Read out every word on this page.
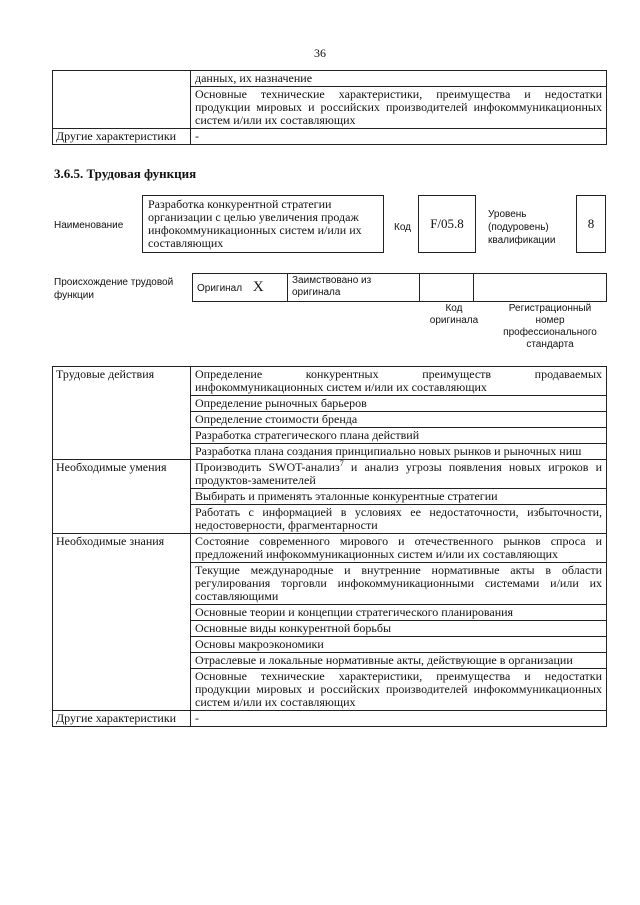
36
	данных, их назначение
	Основные технические характеристики, преимущества и недостатки продукции мировых и российских производителей инфокоммуникационных систем и/или их составляющих
Другие характеристики	-
3.6.5. Трудовая функция
Наименование
Разработка конкурентной стратегии организации с целью увеличения продаж инфокоммуникационных систем и/или их составляющих
Код	F/05.8
Уровень
(подуровень)
квалификации
8
Происхождение трудовой
функции
Оригинал X	Заимствовано из
оригинала

Код
оригинала
Регистрационный
номер
профессионального
стандарта
Трудовые действия	Определение конкурентных преимуществ продаваемых инфокоммуникационных систем и/или их составляющих
	Определение рыночных барьеров
	Определение стоимости бренда
	Разработка стратегического плана действий
	Разработка плана создания принципиально новых рынков и рыночных ниш
Необходимые умения	Производить SWOT-анализ$^7$ и анализ угрозы появления новых игроков и продуктов-заменителей
	Выбирать и применять эталонные конкурентные стратегии
	Работать с информацией в условиях ее недостаточности, избыточности, недостоверности, фрагментарности
Необходимые знания	Состояние современного мирового и отечественного рынков спроса и предложений инфокоммуникационных систем и/или их составляющих
	Текущие международные и внутренние нормативные акты в области регулирования торговли инфокоммуникационными системами и/или их составляющими
	Основные теории и концепции стратегического планирования
	Основные виды конкурентной борьбы
	Основы макроэкономики
	Отраслевые и локальные нормативные акты, действующие в организации
	Основные технические характеристики, преимущества и недостатки продукции мировых и российских производителей инфокоммуникационных систем и/или их составляющих
Другие характеристики	-
